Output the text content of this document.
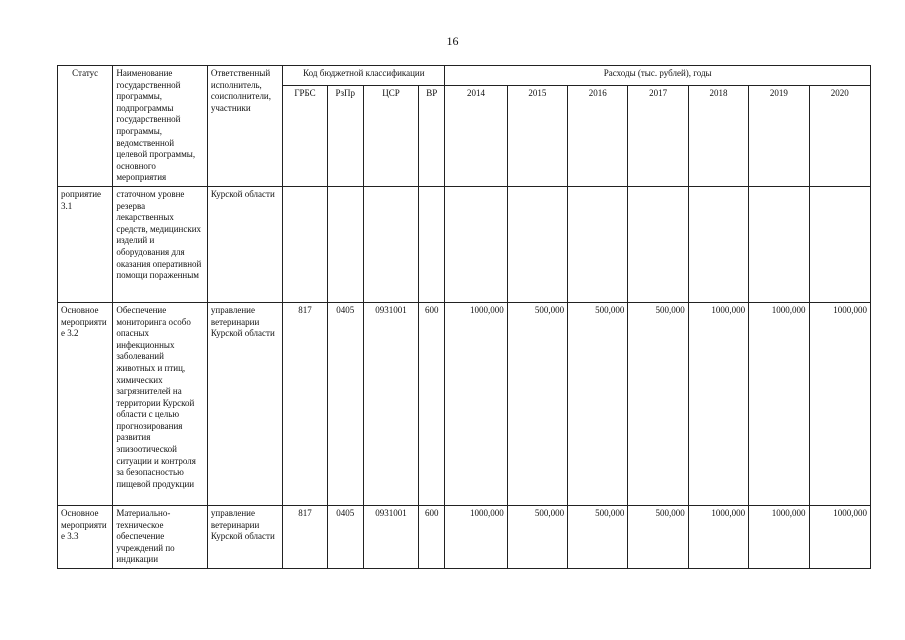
16
Статус	Наименование государственной программы, подпрограммы государственной программы, ведомственной целевой программы, основного мероприятия	Ответственный исполнитель, соисполнители, участники	Код бюджетной классификации				Расходы (тыс. рублей), годы						
			ГРБС	РзПр	ЦСР	ВР	2014	2015	2016	2017	2018	2019	2020
роприятие 3.1	статочном уровне резерва лекарственных средств, медицинских изделий и оборудования для оказания оперативной помощи пораженным	Курской области											
Основное мероприятие 3.2	Обеспечение мониторинга особо опасных инфекционных заболеваний животных и птиц, химических загрязнителей на территории Курской области с целью прогнозирования развития эпизоотической ситуации и контроля за безопасностью пищевой продукции	управление ветеринарии Курской области	817	0405	0931001	600	1000,000	500,000	500,000	500,000	1000,000	1000,000	1000,000
Основное мероприятие 3.3	Материально-техническое обеспечение учреждений по индикации	управление ветеринарии Курской области	817	0405	0931001	600	1000,000	500,000	500,000	500,000	1000,000	1000,000	1000,000
